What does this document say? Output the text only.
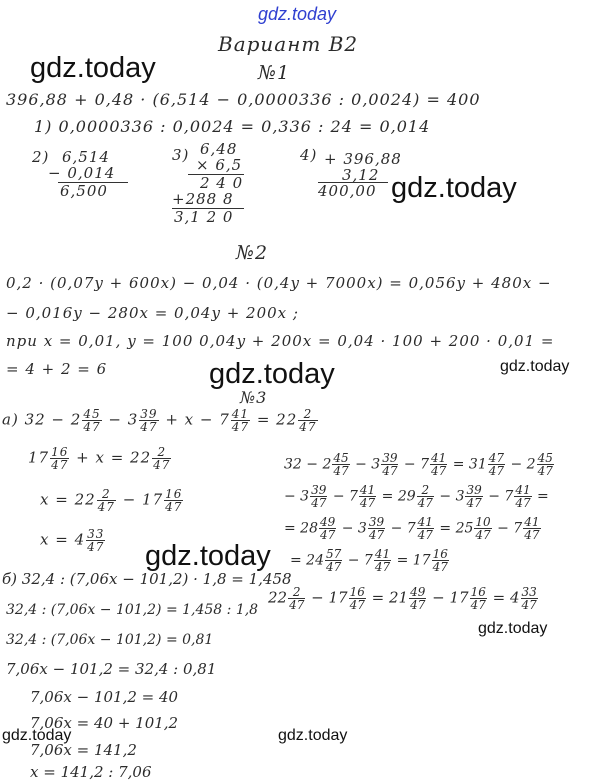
gdz.today
gdz.today
gdz.today
gdz.today	gdz.today
gdz.today
gdz.today
gdz.today
gdz.today
Вариант В2
№1
396,88 + 0,48 · (6,514 − 0,0000336 : 0,0024) = 400
1) 0,0000336 : 0,0024 = 0,336 : 24 = 0,014
2) 6,514
− 0,014
6,500
3) 6,48
× 6,5
2 4 0
+288 8
3,1 2 0
4) + 396,88
3,12
400,00
№2
0,2 · (0,07y + 600x) − 0,04 · (0,4y + 7000x) = 0,056y + 480x −
− 0,016y − 280x = 0,04y + 200x ;
при x = 0,01, y = 100 0,04y + 200x = 0,04 · 100 + 200 · 0,01 =
= 4 + 2 = 6
№3
а) $32 - 2 \frac{45}{47} - 3 \frac{39}{47} + x - 7 \frac{41}{47} = 22 \frac{2}{47}$
$17 \frac{16}{47} + x = 22 \frac{2}{47}$
$x = 22 \frac{2}{47} - 17 \frac{16}{47}$
$x = 4 \frac{33}{47}$
$32 - 2 \frac{45}{47} - 3 \frac{39}{47} - 7 \frac{41}{47} = 31 \frac{47}{47} - 2 \frac{45}{47}$
− $3 \frac{39}{47} - 7 \frac{41}{47} = 29 \frac{2}{47} - 3 \frac{39}{47} - 7 \frac{41}{47}$ =
= $28 \frac{49}{47} - 3 \frac{39}{47} - 7 \frac{41}{47} = 25 \frac{10}{47} - 7 \frac{41}{47}$
= $24 \frac{57}{47} - 7 \frac{41}{47} = 17 \frac{16}{47}$
$22 \frac{2}{47} - 17 \frac{16}{47} = 21 \frac{49}{47} - 17 \frac{16}{47} = 4 \frac{33}{47}$
б) 32,4 : (7,06x − 101,2) · 1,8 = 1,458
32,4 : (7,06x − 101,2) = 1,458 : 1,8
32,4 : (7,06x − 101,2) = 0,81
7,06x − 101,2 = 32,4 : 0,81
7,06x − 101,2 = 40
7,06x = 40 + 101,2
7,06x = 141,2
x = 141,2 : 7,06
